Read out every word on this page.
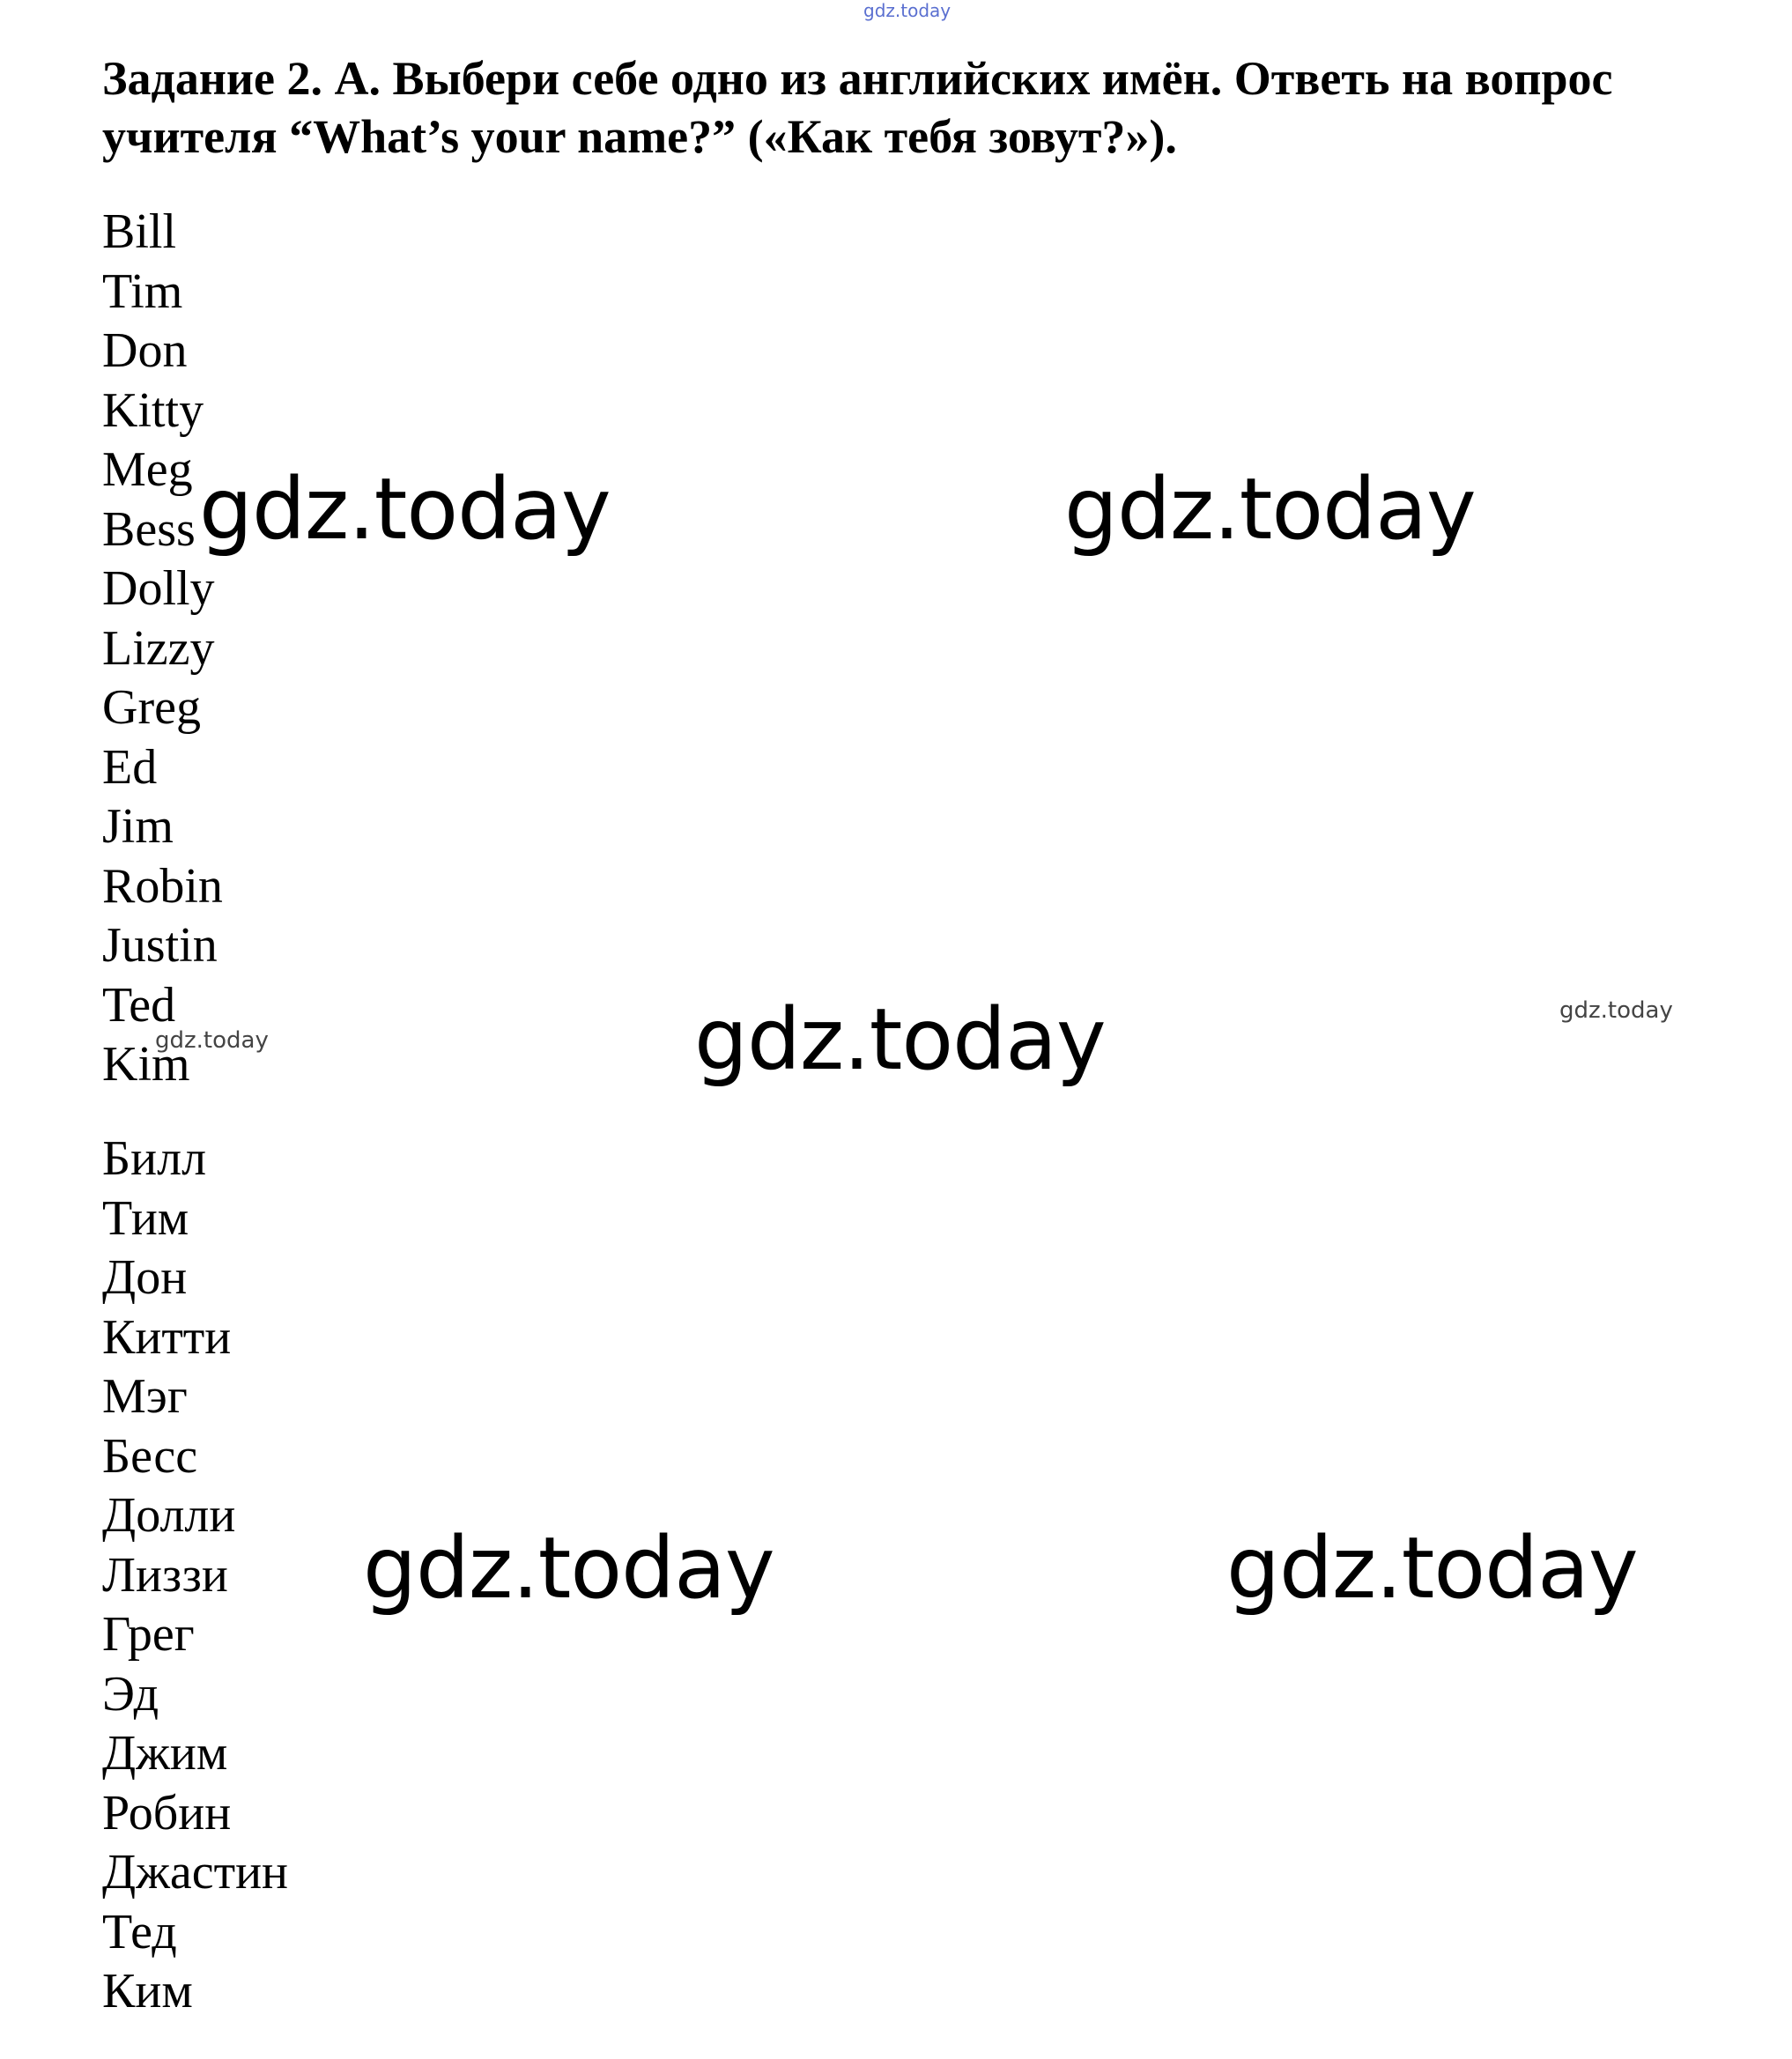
gdz.today
Задание 2. А. Выбери себе одно из английских имён. Ответь на вопрос
учителя “What’s your name?” («Как тебя зовут?»).
Bill
Tim
Don
Kitty
Meg
Bess
Dolly
Lizzy
Greg
Ed
Jim
Robin
Justin
Ted
Kim
Билл
Тим
Дон
Китти
Мэг
Бесс
Долли
Лиззи
Грег
Эд
Джим
Робин
Джастин
Тед
Ким
gdz.today	gdz.today
gdz.today
gdz.today	gdz.today
gdz.today
gdz.today
